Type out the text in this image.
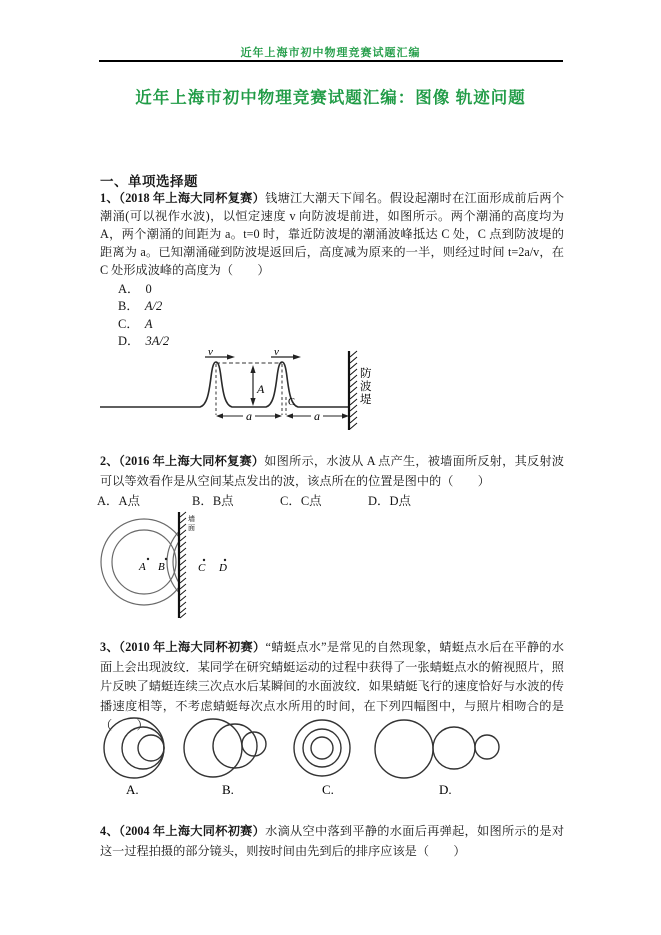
近年上海市初中物理竞赛试题汇编
近年上海市初中物理竞赛试题汇编：图像 轨迹问题
一、单项选择题
1、（2018 年上海大同杯复赛）钱塘江大潮天下闻名。假设起潮时在江面形成前后两个潮涌(可以视作水波)，以恒定速度 v 向防波堤前进，如图所示。两个潮涌的高度均为 A，两个潮涌的间距为 a。t=0 时，靠近防波堤的潮涌波峰抵达 C 处，C 点到防波堤的距离为 a。已知潮涌碰到防波堤返回后，高度减为原来的一半，则经过时间 t=2a/v，在 C 处形成波峰的高度为（　　）
A． 0
B． A/2
C． A
D． 3A/2
A
v	v
a	a
C
防
波
堤
2、（2016 年上海大同杯复赛）如图所示，水波从 A 点产生，被墙面所反射，其反射波可以等效看作是从空间某点发出的波，该点所在的位置是图中的（　　）
A．A点	B．B点	C．C点	D．D点
墙
面
A B	C D
3、（2010 年上海大同杯初赛）“蜻蜓点水”是常见的自然现象，蜻蜓点水后在平静的水面上会出现波纹．某同学在研究蜻蜓运动的过程中获得了一张蜻蜓点水的俯视照片，照片反映了蜻蜓连续三次点水后某瞬间的水面波纹．如果蜻蜓飞行的速度恰好与水波的传播速度相等，不考虑蜻蜓每次点水所用的时间，在下列四幅图中，与照片相吻合的是（　　）
A.	B.	C.	D.
4、（2004 年上海大同杯初赛）水滴从空中落到平静的水面后再弹起，如图所示的是对这一过程拍摄的部分镜头，则按时间由先到后的排序应该是（　　）
